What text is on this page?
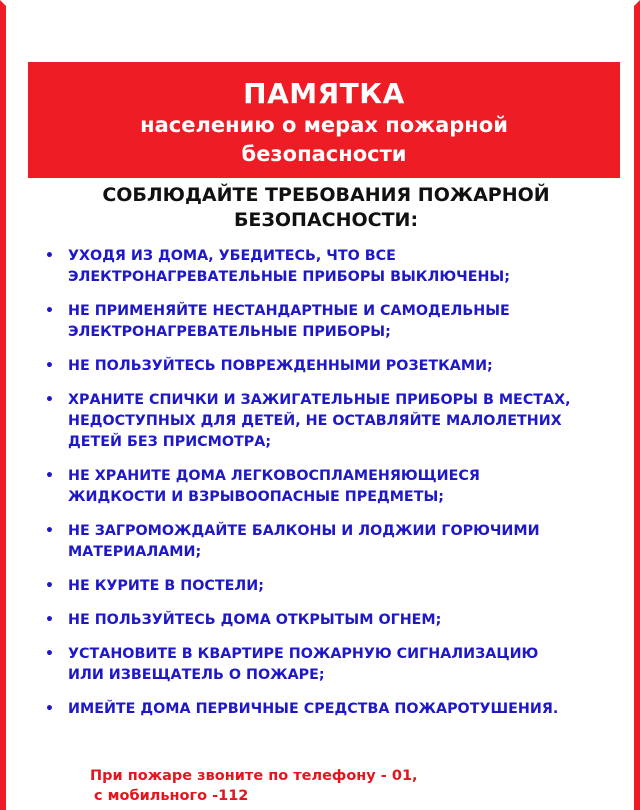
ПАМЯТКА
населению о мерах пожарной
безопасности
СОБЛЮДАЙТЕ ТРЕБОВАНИЯ ПОЖАРНОЙ
БЕЗОПАСНОСТИ:
• УХОДЯ ИЗ ДОМА, УБЕДИТЕСЬ, ЧТО ВСЕ
ЭЛЕКТРОНАГРЕВАТЕЛЬНЫЕ ПРИБОРЫ ВЫКЛЮЧЕНЫ;
• НЕ ПРИМЕНЯЙТЕ НЕСТАНДАРТНЫЕ И САМОДЕЛЬНЫЕ
ЭЛЕКТРОНАГРЕВАТЕЛЬНЫЕ ПРИБОРЫ;
• НЕ ПОЛЬЗУЙТЕСЬ ПОВРЕЖДЕННЫМИ РОЗЕТКАМИ;
• ХРАНИТЕ СПИЧКИ И ЗАЖИГАТЕЛЬНЫЕ ПРИБОРЫ В МЕСТАХ,
НЕДОСТУПНЫХ ДЛЯ ДЕТЕЙ, НЕ ОСТАВЛЯЙТЕ МАЛОЛЕТНИХ
ДЕТЕЙ БЕЗ ПРИСМОТРА;
• НЕ ХРАНИТЕ ДОМА ЛЕГКОВОСПЛАМЕНЯЮЩИЕСЯ
ЖИДКОСТИ И ВЗРЫВООПАСНЫЕ ПРЕДМЕТЫ;
• НЕ ЗАГРОМОЖДАЙТЕ БАЛКОНЫ И ЛОДЖИИ ГОРЮЧИМИ
МАТЕРИАЛАМИ;
• НЕ КУРИТЕ В ПОСТЕЛИ;
• НЕ ПОЛЬЗУЙТЕСЬ ДОМА ОТКРЫТЫМ ОГНЕМ;
• УСТАНОВИТЕ В КВАРТИРЕ ПОЖАРНУЮ СИГНАЛИЗАЦИЮ
ИЛИ ИЗВЕЩАТЕЛЬ О ПОЖАРЕ;
• ИМЕЙТЕ ДОМА ПЕРВИЧНЫЕ СРЕДСТВА ПОЖАРОТУШЕНИЯ.
При пожаре звоните по телефону - 01,
с мобильного -112
